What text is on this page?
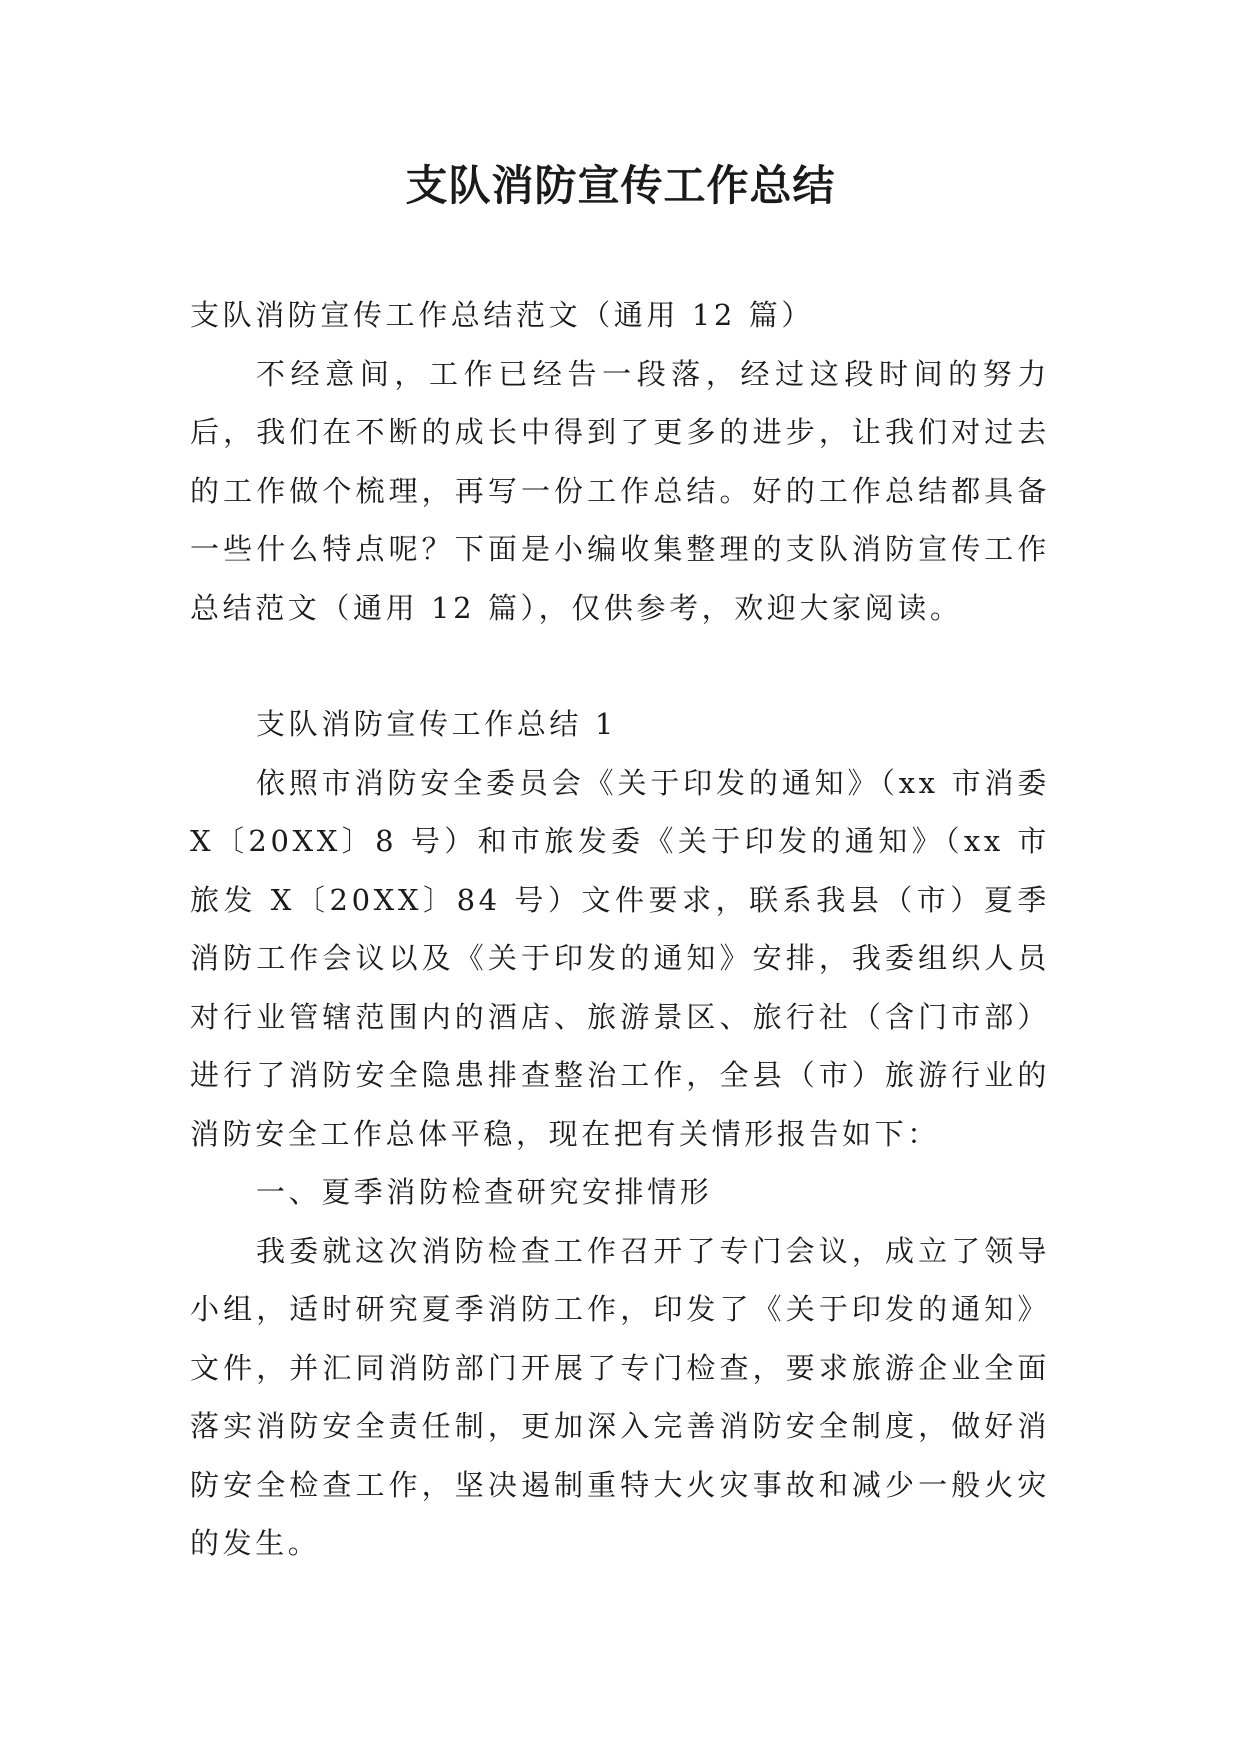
支队消防宣传工作总结

支队消防宣传工作总结范文（通用 12 篇）

不经意间，工作已经告一段落，经过这段时间的努力后，我们在不断的成长中得到了更多的进步，让我们对过去的工作做个梳理，再写一份工作总结。好的工作总结都具备一些什么特点呢？下面是小编收集整理的支队消防宣传工作总结范文（通用 12 篇），仅供参考，欢迎大家阅读。

支队消防宣传工作总结 1

依照市消防安全委员会《关于印发的通知》（xx 市消委 X〔20XX〕8 号）和市旅发委《关于印发的通知》（xx 市旅发 X〔20XX〕84 号）文件要求，联系我县（市）夏季消防工作会议以及《关于印发的通知》安排，我委组织人员对行业管辖范围内的酒店、旅游景区、旅行社（含门市部）进行了消防安全隐患排查整治工作，全县（市）旅游行业的消防安全工作总体平稳，现在把有关情形报告如下：

一、夏季消防检查研究安排情形

我委就这次消防检查工作召开了专门会议，成立了领导小组，适时研究夏季消防工作，印发了《关于印发的通知》文件，并汇同消防部门开展了专门检查，要求旅游企业全面落实消防安全责任制，更加深入完善消防安全制度，做好消防安全检查工作，坚决遏制重特大火灾事故和减少一般火灾的发生。
